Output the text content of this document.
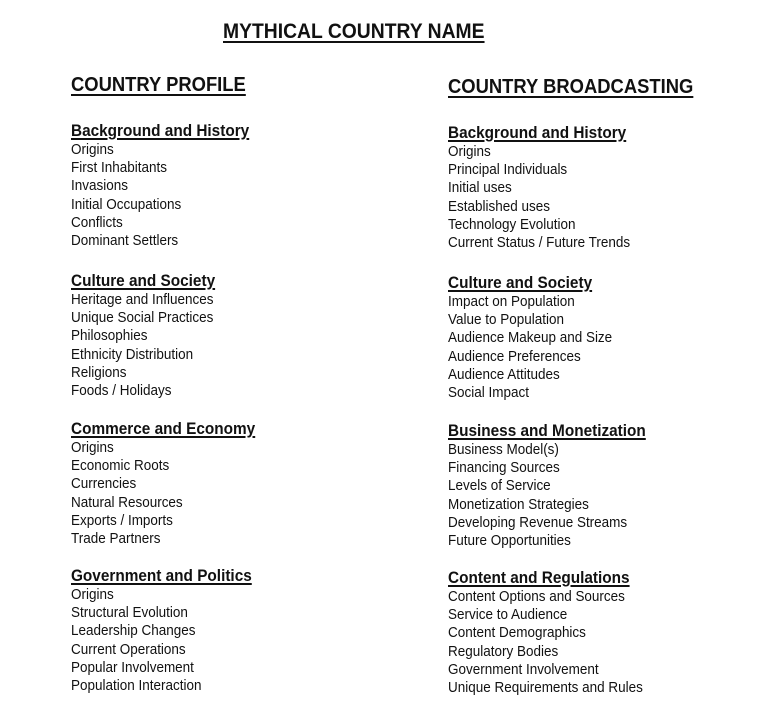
MYTHICAL COUNTRY NAME
COUNTRY PROFILE
Background and History
Origins
First Inhabitants
Invasions
Initial Occupations
Conflicts
Dominant Settlers
Culture and Society
Heritage and Influences
Unique Social Practices
Philosophies
Ethnicity Distribution
Religions
Foods / Holidays
Commerce and Economy
Origins
Economic Roots
Currencies
Natural Resources
Exports / Imports
Trade Partners
Government and Politics
Origins
Structural Evolution
Leadership Changes
Current Operations
Popular Involvement
Population Interaction
COUNTRY BROADCASTING
Background and History
Origins
Principal Individuals
Initial uses
Established uses
Technology Evolution
Current Status / Future Trends
Culture and Society
Impact on Population
Value to Population
Audience Makeup and Size
Audience Preferences
Audience Attitudes
Social Impact
Business and Monetization
Business Model(s)
Financing Sources
Levels of Service
Monetization Strategies
Developing Revenue Streams
Future Opportunities
Content and Regulations
Content Options and Sources
Service to Audience
Content Demographics
Regulatory Bodies
Government Involvement
Unique Requirements and Rules
